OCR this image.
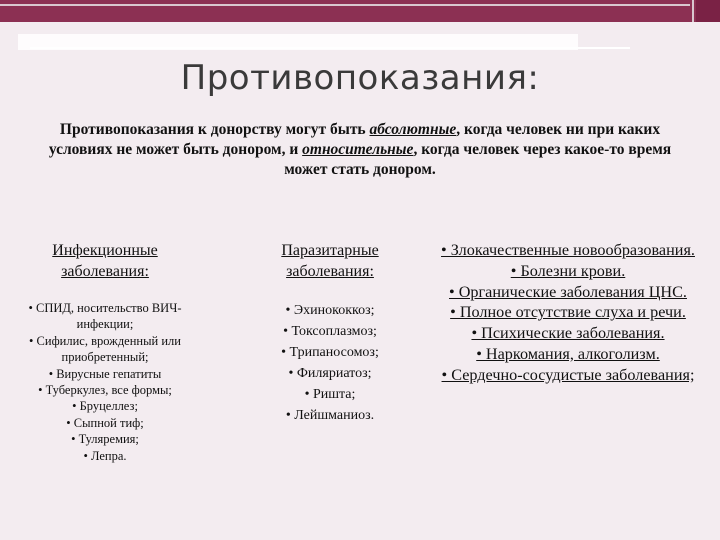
Противопоказания:
Противопоказания к донорству могут быть абсолютные, когда человек ни при каких условиях не может быть донором, и относительные, когда человек через какое-то время может стать донором.

Инфекционные заболевания:

• СПИД, носительство ВИЧ-инфекции;
• Сифилис, врожденный или приобретенный;
• Вирусные гепатиты
• Туберкулез, все формы;
• Бруцеллез;
• Сыпной тиф;
• Туляремия;
• Лепра.

Паразитарные заболевания:

• Эхинококкоз;
• Токсоплазмоз;
• Трипаносомоз;
• Филяриатоз;
• Ришта;
• Лейшманиоз.
• Злокачественные новообразования.
• Болезни крови.
• Органические заболевания ЦНС.
• Полное отсутствие слуха и речи.
• Психические заболевания.
• Наркомания, алкоголизм.
• Сердечно-сосудистые заболевания;
